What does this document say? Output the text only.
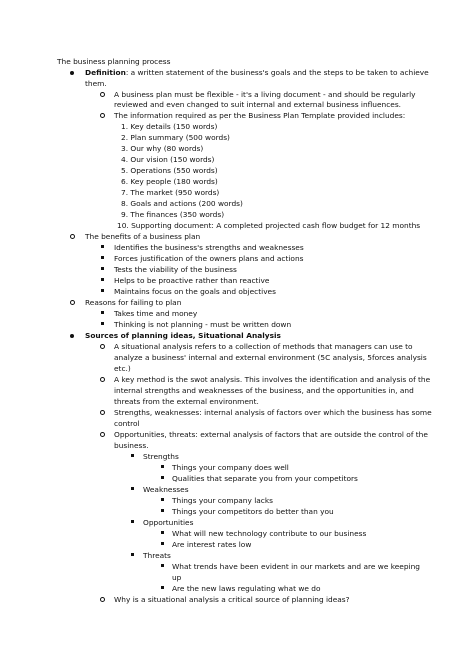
The business planning process
Definition: a written statement of the business's goals and the steps to be taken to achieve
them.
A business plan must be flexible - it's a living document - and should be regularly
reviewed and even changed to suit internal and external business influences.
The information required as per the Business Plan Template provided includes:
1. Key details (150 words)
2. Plan summary (500 words)
3. Our why (80 words)
4. Our vision (150 words)
5. Operations (550 words)
6. Key people (180 words)
7. The market (950 words)
8. Goals and actions (200 words)
9. The finances (350 words)
10. Supporting document: A completed projected cash flow budget for 12 months
The benefits of a business plan
Identifies the business's strengths and weaknesses
Forces justification of the owners plans and actions
Tests the viability of the business
Helps to be proactive rather than reactive
Maintains focus on the goals and objectives
Reasons for failing to plan
Takes time and money
Thinking is not planning - must be written down
Sources of planning ideas, Situational Analysis
A situational analysis refers to a collection of methods that managers can use to
analyze a business' internal and external environment (5C analysis, 5forces analysis
etc.)
A key method is the swot analysis. This involves the identification and analysis of the
internal strengths and weaknesses of the business, and the opportunities in, and
threats from the external environment.
Strengths, weaknesses: internal analysis of factors over which the business has some
control
Opportunities, threats: external analysis of factors that are outside the control of the
business.
Strengths
Things your company does well
Qualities that separate you from your competitors
Weaknesses
Things your company lacks
Things your competitors do better than you
Opportunities
What will new technology contribute to our business
Are interest rates low
Threats
What trends have been evident in our markets and are we keeping
up
Are the new laws regulating what we do
Why is a situational analysis a critical source of planning ideas?
